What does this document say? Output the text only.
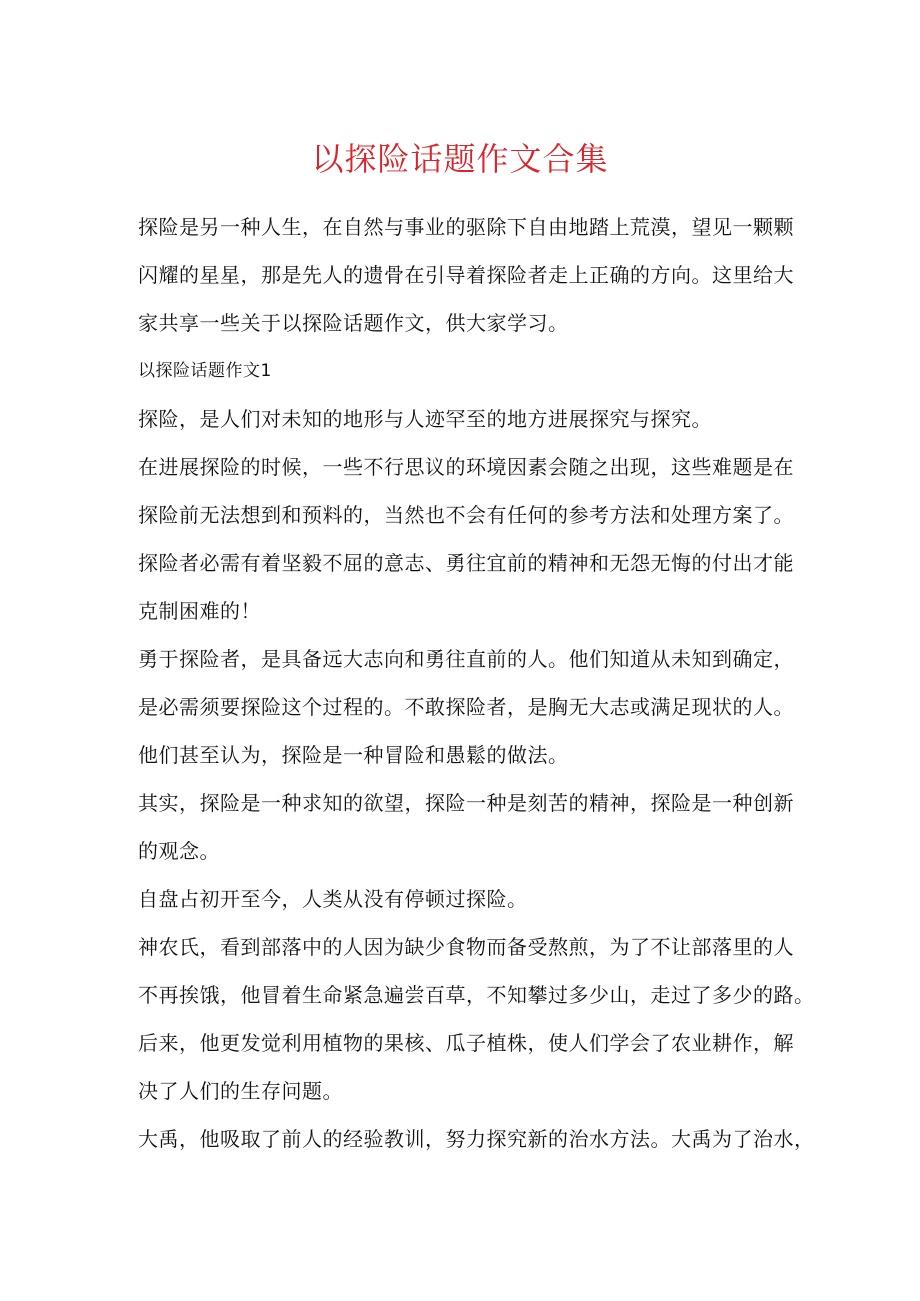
以探险话题作文合集
探险是另一种人生，在自然与事业的驱除下自由地踏上荒漠，望见一颗颗
闪耀的星星，那是先人的遗骨在引导着探险者走上正确的方向。这里给大
家共享一些关于以探险话题作文，供大家学习。
以探险话题作文1
探险，是人们对未知的地形与人迹罕至的地方进展探究与探究。
在进展探险的时候，一些不行思议的环境因素会随之出现，这些难题是在
探险前无法想到和预料的，当然也不会有任何的参考方法和处理方案了。
探险者必需有着坚毅不屈的意志、勇往宜前的精神和无怨无悔的付出才能
克制困难的！
勇于探险者，是具备远大志向和勇往直前的人。他们知道从未知到确定，
是必需须要探险这个过程的。不敢探险者，是胸无大志或满足现状的人。
他们甚至认为，探险是一种冒险和愚鬆的做法。
其实，探险是一种求知的欲望，探险一种是刻苦的精神，探险是一种创新
的观念。
自盘占初开至今，人类从没有停顿过探险。
神农氏，看到部落中的人因为缺少食物而备受熬煎，为了不让部落里的人
不再挨饿，他冒着生命紧急遍尝百草，不知攀过多少山，走过了多少的路。
后来，他更发觉利用植物的果核、瓜子植株，使人们学会了农业耕作，解
决了人们的生存问题。
大禹，他吸取了前人的经验教训，努力探究新的治水方法。大禹为了治水，
